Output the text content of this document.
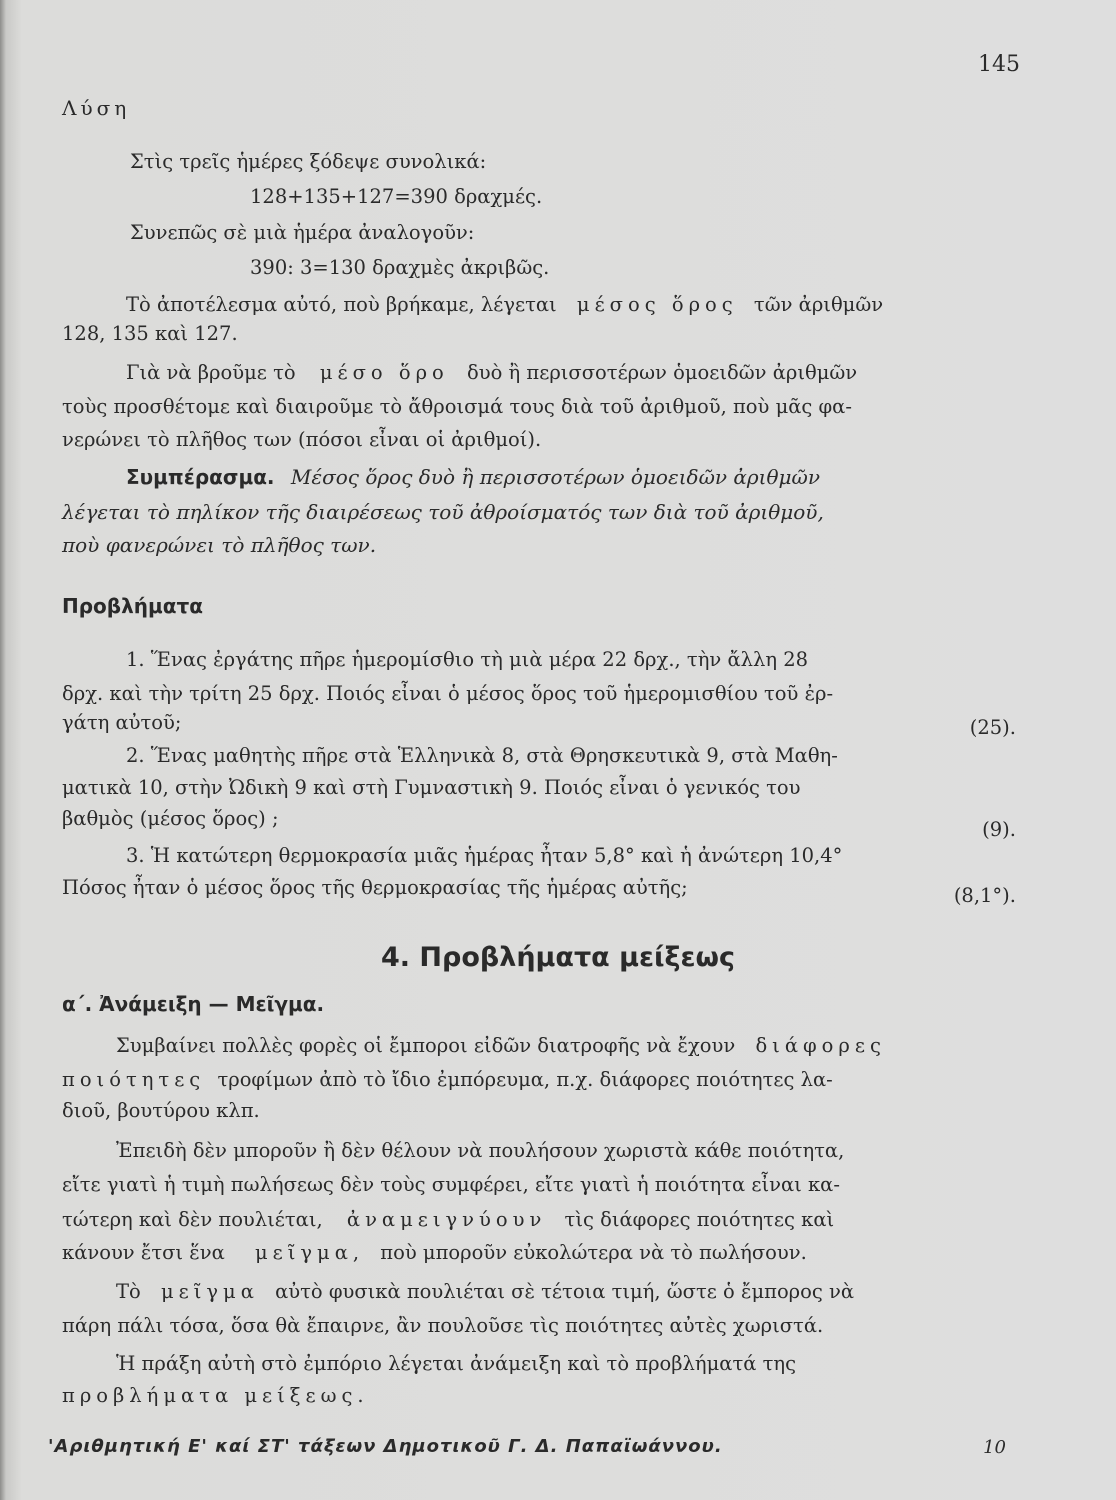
145
Λύση
Στὶς τρεῖς ἡμέρες ξόδεψε συνολικά:
128+135+127=390 δραχμές.
Συνεπῶς σὲ μιὰ ἡμέρα ἀναλογοῦν:
390: 3=130 δραχμὲς ἀκριβῶς.
Τὸ ἀποτέλεσμα αὐτό, ποὺ βρήκαμε, λέγεται μέσος ὅρος τῶν ἀριθμῶν
128, 135 καὶ 127.
Γιὰ νὰ βροῦμε τὸ μέσο ὅρο δυὸ ἢ περισσοτέρων ὁμοειδῶν ἀριθμῶν
τοὺς προσθέτομε καὶ διαιροῦμε τὸ ἄθροισμά τους διὰ τοῦ ἀριθμοῦ, ποὺ μᾶς φα-
νερώνει τὸ πλῆθος των (πόσοι εἶναι οἱ ἀριθμοί).
Συμπέρασμα. Μέσος ὅρος δυὸ ἢ περισσοτέρων ὁμοειδῶν ἀριθμῶν
λέγεται τὸ πηλίκον τῆς διαιρέσεως τοῦ ἀθροίσματός των διὰ τοῦ ἀριθμοῦ,
ποὺ φανερώνει τὸ πλῆθος των.
Προβλήματα
1. Ἕνας ἐργάτης πῆρε ἡμερομίσθιο τὴ μιὰ μέρα 22 δρχ., τὴν ἄλλη 28
δρχ. καὶ τὴν τρίτη 25 δρχ. Ποιός εἶναι ὁ μέσος ὅρος τοῦ ἡμερομισθίου τοῦ ἐρ-
γάτη αὐτοῦ;	(25).
2. Ἕνας μαθητὴς πῆρε στὰ Ἑλληνικὰ 8, στὰ Θρησκευτικὰ 9, στὰ Μαθη-
ματικὰ 10, στὴν Ὠδικὴ 9 καὶ στὴ Γυμναστικὴ 9. Ποιός εἶναι ὁ γενικός του
βαθμὸς (μέσος ὅρος) ;	(9).
3. Ἡ κατώτερη θερμοκρασία μιᾶς ἡμέρας ἦταν 5,8° καὶ ἡ ἀνώτερη 10,4°
Πόσος ἦταν ὁ μέσος ὅρος τῆς θερμοκρασίας τῆς ἡμέρας αὐτῆς;	(8,1°).
4. Προβλήματα μείξεως
α΄. Ἀνάμειξη — Μεῖγμα.
Συμβαίνει πολλὲς φορὲς οἱ ἔμποροι εἰδῶν διατροφῆς νὰ ἔχουν διάφορες
ποιότητες τροφίμων ἀπὸ τὸ ἴδιο ἐμπόρευμα, π.χ. διάφορες ποιότητες λα-
διοῦ, βουτύρου κλπ.
Ἐπειδὴ δὲν μποροῦν ἢ δὲν θέλουν νὰ πουλήσουν χωριστὰ κάθε ποιότητα,
εἴτε γιατὶ ἡ τιμὴ πωλήσεως δὲν τοὺς συμφέρει, εἴτε γιατὶ ἡ ποιότητα εἶναι κα-
τώτερη καὶ δὲν πουλιέται, ἀναμειγνύουν τὶς διάφορες ποιότητες καὶ
κάνουν ἔτσι ἕνα μεῖγμα, ποὺ μποροῦν εὐκολώτερα νὰ τὸ πωλήσουν.
Τὸ μεῖγμα αὐτὸ φυσικὰ πουλιέται σὲ τέτοια τιμή, ὥστε ὁ ἔμπορος νὰ
πάρη πάλι τόσα, ὅσα θὰ ἔπαιρνε, ἂν πουλοῦσε τὶς ποιότητες αὐτὲς χωριστά.
Ἡ πράξη αὐτὴ στὸ ἐμπόριο λέγεται ἀνάμειξη καὶ τὸ προβλήματά της
προβλήματα μείξεως.
'Αριθμητική Ε' καί ΣΤ' τάξεων Δημοτικοῦ Γ. Δ. Παπαϊωάννου.	10
